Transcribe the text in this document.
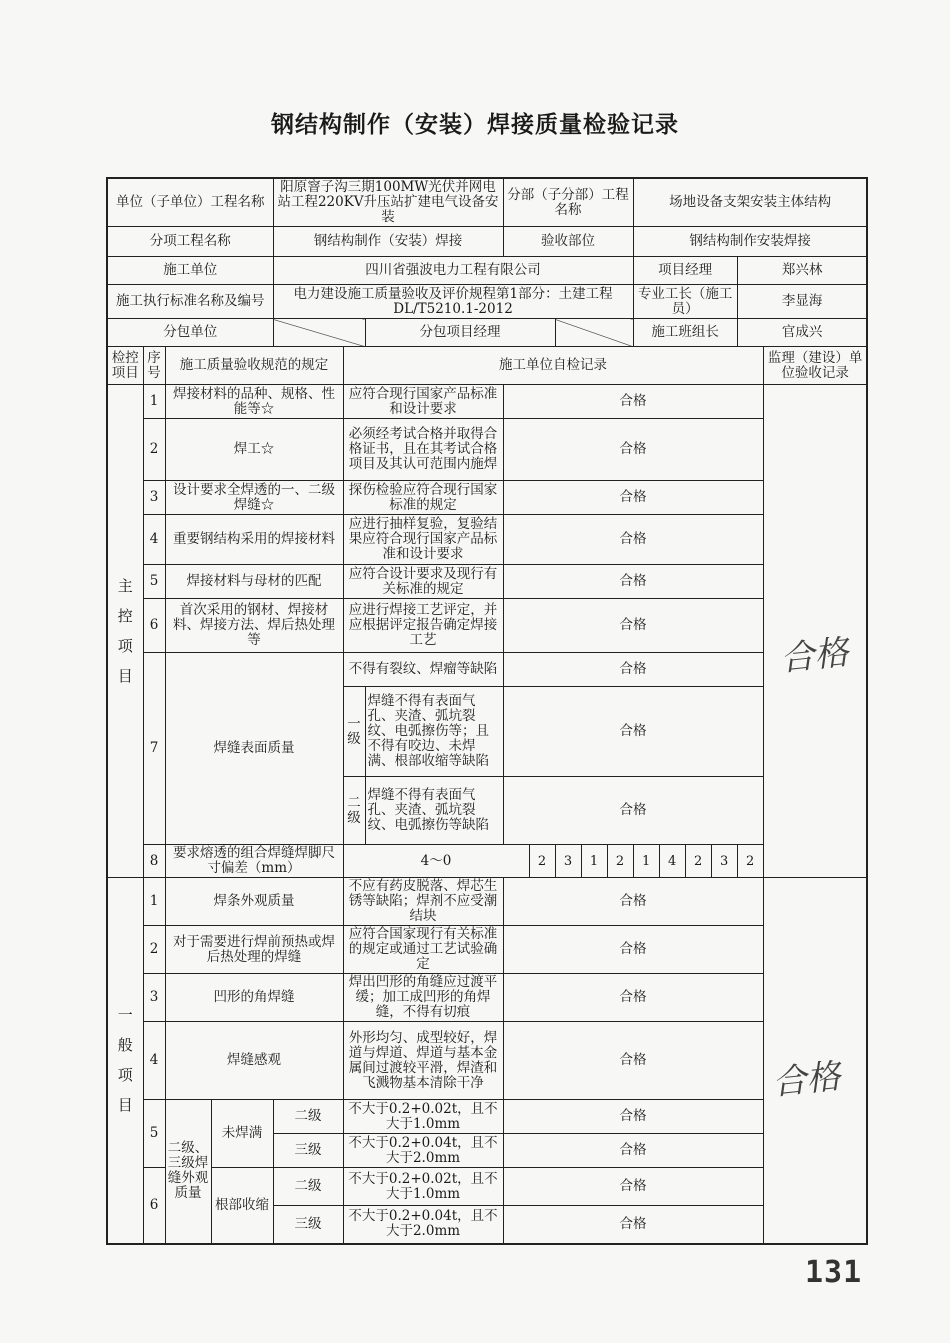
钢结构制作（安装）焊接质量检验记录
单位（子单位）工程名称				阳原窨子沟三期100MW光伏并网电站工程220KV升压站扩建电气设备安装			分部（子分部）工程名称					场地设备支架安装主体结构						
分项工程名称				钢结构制作（安装）焊接			验收部位					钢结构制作安装焊接						
施工单位				四川省强波电力工程有限公司								项目经理				郑兴林		
施工执行标准名称及编号				电力建设施工质量验收及评价规程第1部分：土建工程DL/T5210.1-2012								专业工长（施工员）				李显海		
分包单位						分包项目经理						施工班组长				官成兴		
检控项目	序号	施工质量验收规范的规定			施工单位自检记录												监理（建设）单位验收记录	
主
控
项
目	1	焊接材料的品种、规格、性能等☆			应符合现行国家产品标准和设计要求		合格											
	2	焊工☆			必须经考试合格并取得合格证书，且在其考试合格项目及其认可范围内施焊		合格											
	3	设计要求全焊透的一、二级焊缝☆			探伤检验应符合现行国家标准的规定		合格											
	4	重要钢结构采用的焊接材料			应进行抽样复验，复验结果应符合现行国家产品标准和设计要求		合格											
	5	焊接材料与母材的匹配			应符合设计要求及现行有关标准的规定		合格											
	6	首次采用的钢材、焊接材料、焊接方法、焊后热处理等			应进行焊接工艺评定，并应根据评定报告确定焊接工艺		合格											
	7	焊缝表面质量			不得有裂纹、焊瘤等缺陷		合格											
					一级	焊缝不得有表面气孔、夹渣、弧坑裂纹、电弧擦伤等；且不得有咬边、未焊满、根部收缩等缺陷	合格											
					二级	焊缝不得有表面气孔、夹渣、弧坑裂纹、电弧擦伤等缺陷	合格											
	8	要求熔透的组合焊缝焊脚尺寸偏差（mm）			4～0			2	3	1	2	1	4	2	3	2	
一
般
项
目	1	焊条外观质量			不应有药皮脱落、焊芯生锈等缺陷；焊剂不应受潮结块		合格											
	2	对于需要进行焊前预热或焊后热处理的焊缝			应符合国家现行有关标准的规定或通过工艺试验确定		合格											
	3	凹形的角焊缝			焊出凹形的角缝应过渡平缓；加工成凹形的角焊缝，不得有切痕		合格											
	4	焊缝感观			外形均匀、成型较好，焊道与焊道、焊道与基本金属间过渡较平滑，焊渣和飞溅物基本清除干净		合格											
	5	二级、三级焊缝外观质量	未焊满	二级	不大于0.2+0.02t，且不大于1.0mm		合格											
				三级	不大于0.2+0.04t，且不大于2.0mm		合格											
	6		根部收缩	二级	不大于0.2+0.02t，且不大于1.0mm		合格											
				三级	不大于0.2+0.04t，且不大于2.0mm		合格											
合格
合格
131
